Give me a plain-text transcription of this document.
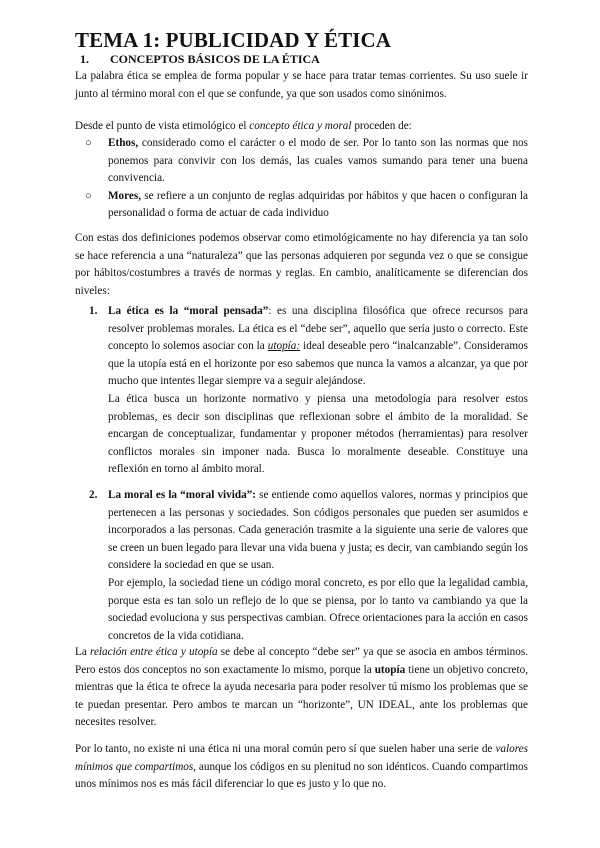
TEMA 1: PUBLICIDAD Y ÉTICA
1. CONCEPTOS BÁSICOS DE LA ÉTICA
La palabra ética se emplea de forma popular y se hace para tratar temas corrientes. Su uso suele ir junto al término moral con el que se confunde, ya que son usados como sinónimos.
Desde el punto de vista etimológico el concepto ética y moral proceden de:
○ Ethos, considerado como el carácter o el modo de ser. Por lo tanto son las normas que nos ponemos para convivir con los demás, las cuales vamos sumando para tener una buena convivencia.
○ Mores, se refiere a un conjunto de reglas adquiridas por hábitos y que hacen o configuran la personalidad o forma de actuar de cada individuo
Con estas dos definiciones podemos observar como etimológicamente no hay diferencia ya tan solo se hace referencia a una “naturaleza” que las personas adquieren por segunda vez o que se consigue por hábitos/costumbres a través de normas y reglas. En cambio, analíticamente se diferencian dos niveles:
1. La ética es la “moral pensada”: es una disciplina filosófica que ofrece recursos para resolver problemas morales. La ética es el “debe ser”, aquello que sería justo o correcto. Este concepto lo solemos asociar con la utopía: ideal deseable pero “inalcanzable”. Consideramos que la utopía está en el horizonte por eso sabemos que nunca la vamos a alcanzar, ya que por mucho que intentes llegar siempre va a seguir alejándose.

La ética busca un horizonte normativo y piensa una metodología para resolver estos problemas, es decir son disciplinas que reflexionan sobre el ámbito de la moralidad. Se encargan de conceptualizar, fundamentar y proponer métodos (herramientas) para resolver conflictos morales sin imponer nada. Busca lo moralmente deseable. Constituye una reflexión en torno al ámbito moral.

2. La moral es la “moral vivida”: se entiende como aquellos valores, normas y principios que pertenecen a las personas y sociedades. Son códigos personales que pueden ser asumidos e incorporados a las personas. Cada generación trasmite a la siguiente una serie de valores que se creen un buen legado para llevar una vida buena y justa; es decir, van cambiando según los considere la sociedad en que se usan.

Por ejemplo, la sociedad tiene un código moral concreto, es por ello que la legalidad cambia, porque esta es tan solo un reflejo de lo que se piensa, por lo tanto va cambiando ya que la sociedad evoluciona y sus perspectivas cambian. Ofrece orientaciones para la acción en casos concretos de la vida cotidiana.

La relación entre ética y utopía se debe al concepto “debe ser” ya que se asocia en ambos términos. Pero estos dos conceptos no son exactamente lo mismo, porque la utopía tiene un objetivo concreto, mientras que la ética te ofrece la ayuda necesaria para poder resolver tú mismo los problemas que se te puedan presentar. Pero ambos te marcan un “horizonte”, UN IDEAL, ante los problemas que necesites resolver.
Por lo tanto, no existe ni una ética ni una moral común pero sí que suelen haber una serie de valores mínimos que compartimos, aunque los códigos en su plenitud no son idénticos. Cuando compartimos unos mínimos nos es más fácil diferenciar lo que es justo y lo que no.
